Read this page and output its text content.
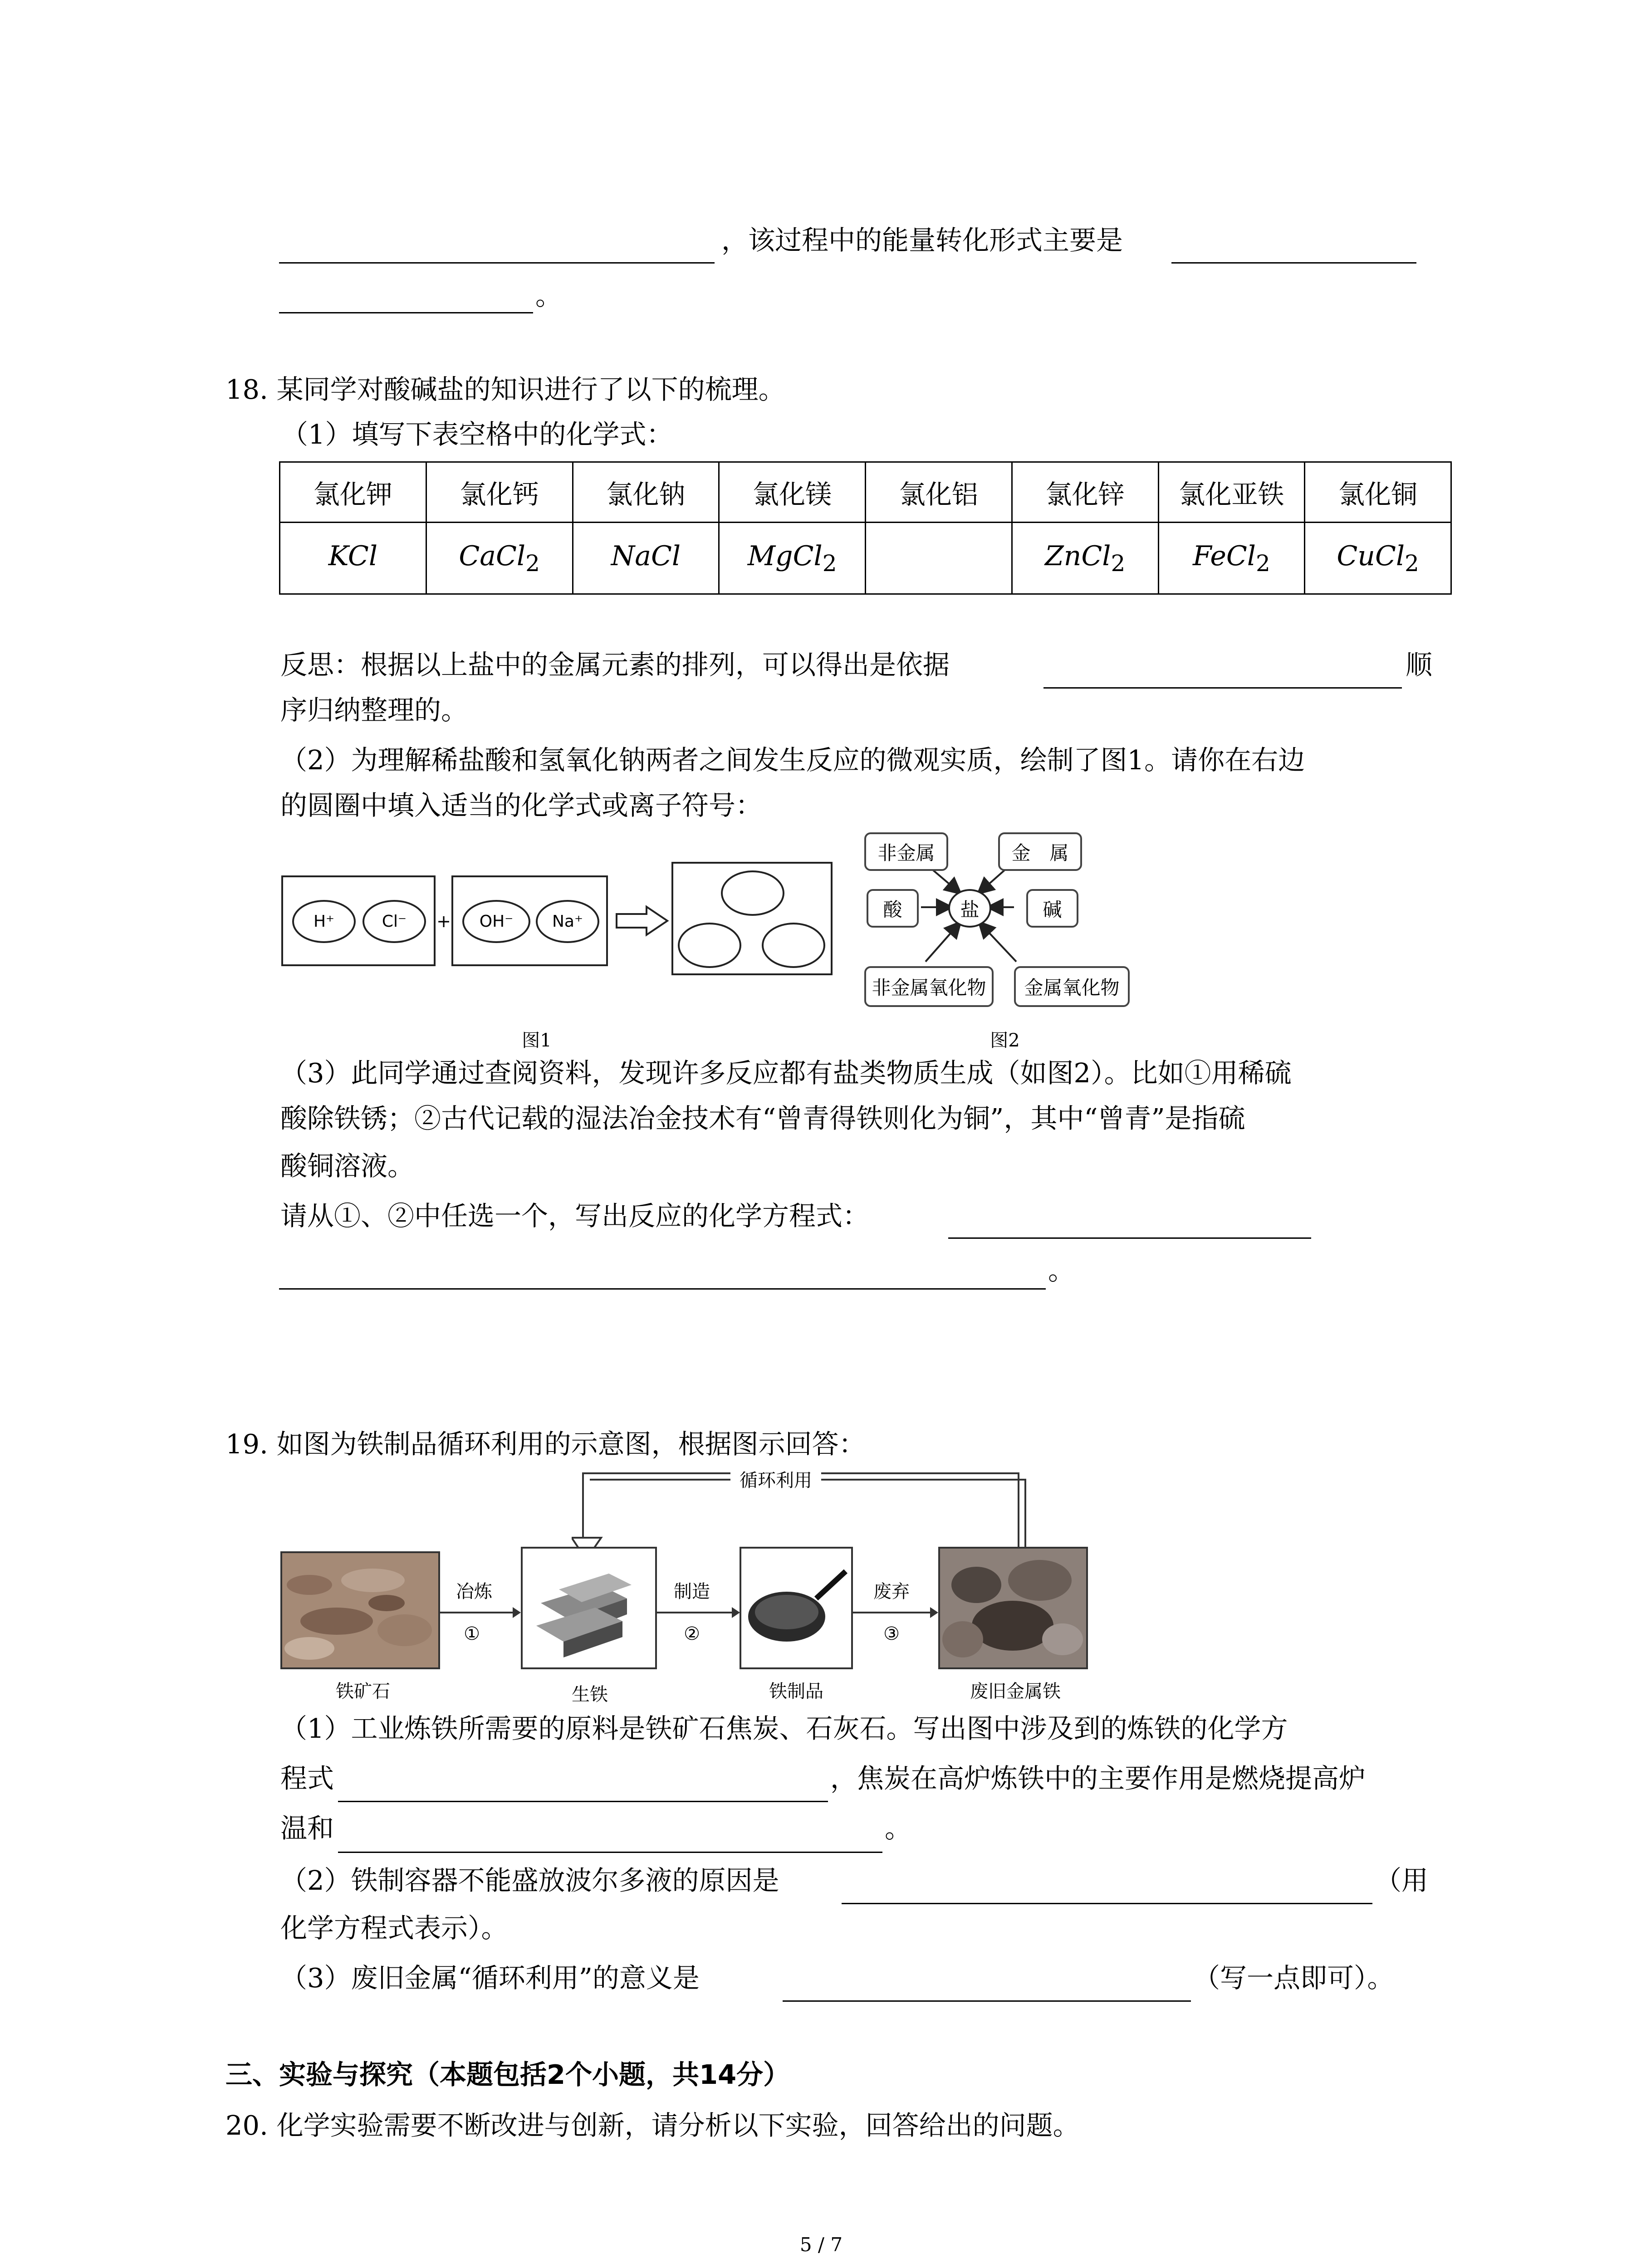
，该过程中的能量转化形式主要是
。
18. 某同学对酸碱盐的知识进行了以下的梳理。
（1）填写下表空格中的化学式：
氯化钾	氯化钙	氯化钠	氯化镁	氯化铝	氯化锌	氯化亚铁	氯化铜
KCl	CaCl$_2$	NaCl	MgCl$_2$		ZnCl$_2$	FeCl$_2$	CuCl$_2$
反思：根据以上盐中的金属元素的排列，可以得出是依据	顺
序归纳整理的。
（2）为理解稀盐酸和氢氧化钠两者之间发生反应的微观实质，绘制了图1。请你在右边
的圆圈中填入适当的化学式或离子符号：
H⁺	Cl⁻	+	OH⁻	Na⁺
图1
非金属	金　属
酸	盐	碱
非金属氧化物	金属氧化物
图2
（3）此同学通过查阅资料，发现许多反应都有盐类物质生成（如图2）。比如①用稀硫
酸除铁锈；②古代记载的湿法冶金技术有“曾青得铁则化为铜”，其中“曾青”是指硫
酸铜溶液。
请从①、②中任选一个，写出反应的化学方程式：
。
19. 如图为铁制品循环利用的示意图，根据图示回答：
循环利用
冶炼
①
制造
②
废弃
③
铁矿石	生铁	铁制品	废旧金属铁
（1）工业炼铁所需要的原料是铁矿石焦炭、石灰石。写出图中涉及到的炼铁的化学方
程式	，焦炭在高炉炼铁中的主要作用是燃烧提高炉
温和	。
（2）铁制容器不能盛放波尔多液的原因是	（用
化学方程式表示）。
（3）废旧金属“循环利用”的意义是	（写一点即可）。
三、实验与探究（本题包括2个小题，共14分）
20. 化学实验需要不断改进与创新，请分析以下实验，回答给出的问题。
5 / 7
